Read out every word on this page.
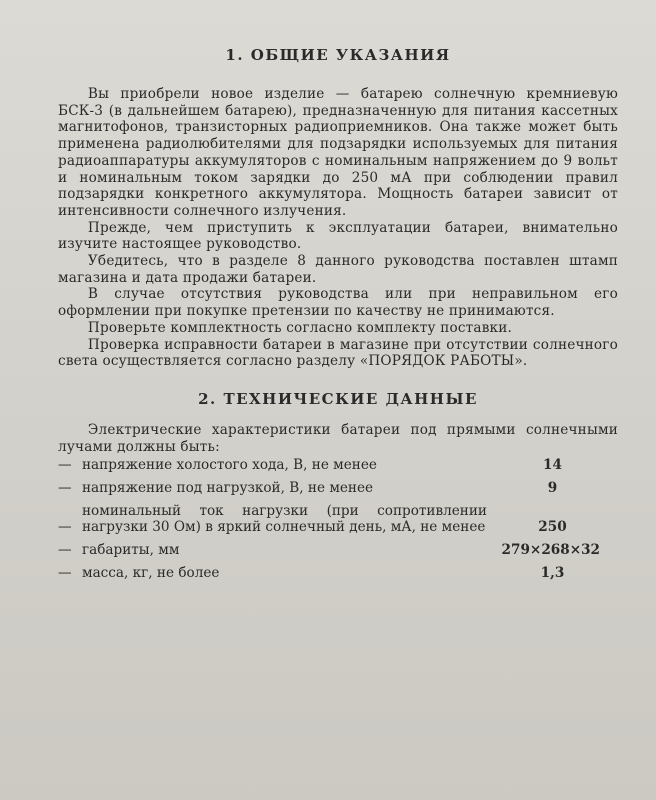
1. ОБЩИЕ УКАЗАНИЯ

Вы приобрели новое изделие — батарею солнечную кремниевую БСК-3 (в дальнейшем батарею), предназначенную для питания кассетных магнитофонов, транзисторных радиоприемников. Она также может быть применена радиолюбителями для подзарядки используемых для питания радиоаппаратуры аккумуляторов с номинальным напряжением до 9 вольт и номинальным током зарядки до 250 мА при соблюдении правил подзарядки конкретного аккумулятора. Мощность батареи зависит от интенсивности солнечного излучения.

Прежде, чем приступить к эксплуатации батареи, внимательно изучите настоящее руководство.

Убедитесь, что в разделе 8 данного руководства поставлен штамп магазина и дата продажи батареи.

В случае отсутствия руководства или при неправильном его оформлении при покупке претензии по качеству не принимаются.

Проверьте комплектность согласно комплекту поставки.

Проверка исправности батареи в магазине при отсутствии солнечного света осуществляется согласно разделу «ПОРЯДОК РАБОТЫ».

2. ТЕХНИЧЕСКИЕ ДАННЫЕ

Электрические характеристики батареи под прямыми солнечными лучами должны быть:

— напряжение холостого хода, В, не менее	14
— напряжение под нагрузкой, В, не менее	9
—
номинальный ток нагрузки (при сопротивлении нагрузки 30 Ом) в яркий солнечный день, мА, не менее	250
— габариты, мм	279×268×32
— масса, кг, не более	1,3
